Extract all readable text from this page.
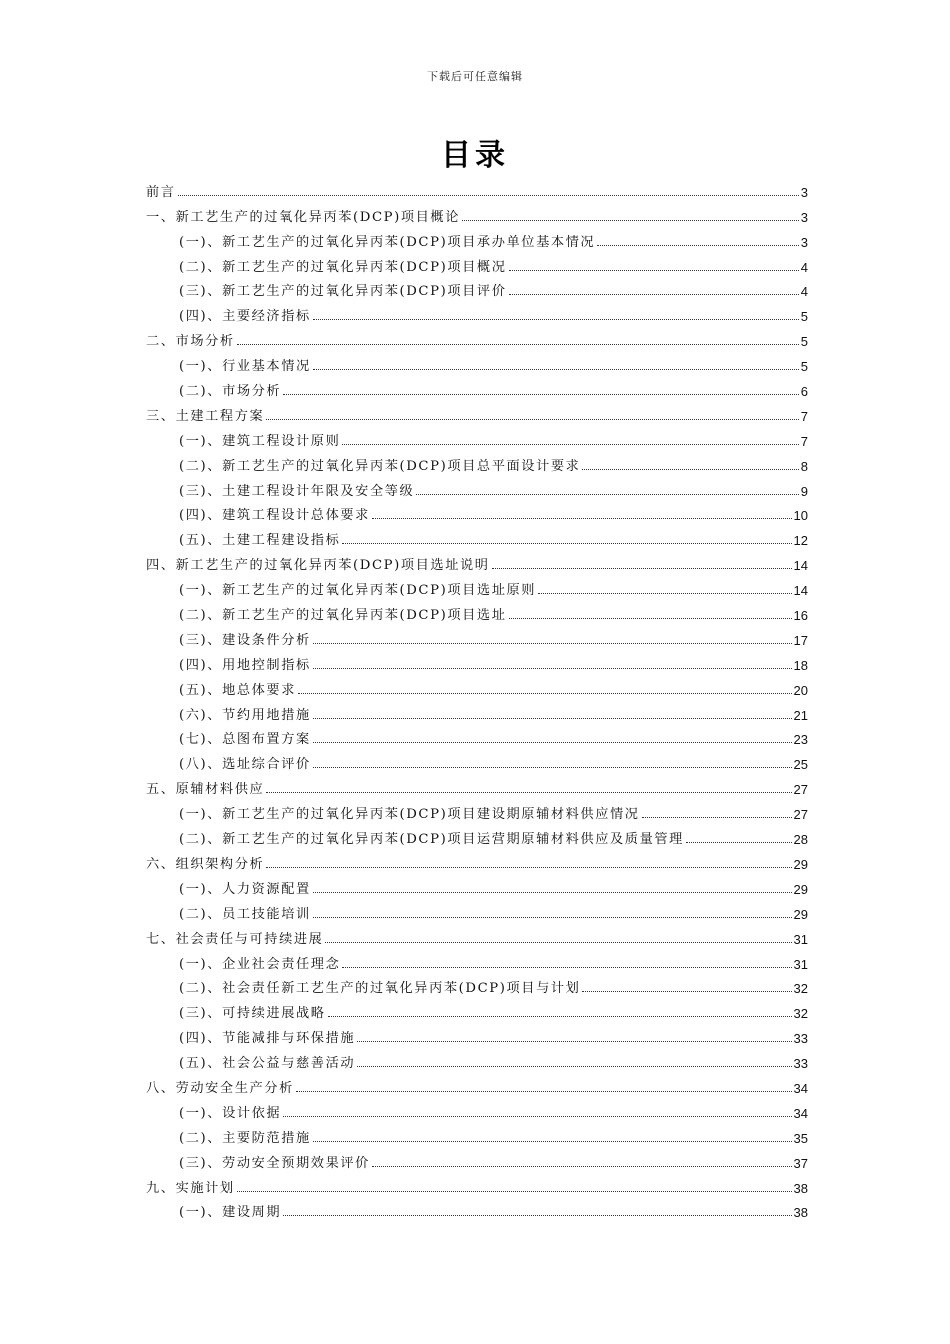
下载后可任意编辑
目录
前言	3
一、新工艺生产的过氧化异丙苯(DCP)项目概论	3
(一)、新工艺生产的过氧化异丙苯(DCP)项目承办单位基本情况	3
(二)、新工艺生产的过氧化异丙苯(DCP)项目概况	4
(三)、新工艺生产的过氧化异丙苯(DCP)项目评价	4
(四)、主要经济指标	5
二、市场分析	5
(一)、行业基本情况	5
(二)、市场分析	6
三、土建工程方案	7
(一)、建筑工程设计原则	7
(二)、新工艺生产的过氧化异丙苯(DCP)项目总平面设计要求	8
(三)、土建工程设计年限及安全等级	9
(四)、建筑工程设计总体要求	10
(五)、土建工程建设指标	12
四、新工艺生产的过氧化异丙苯(DCP)项目选址说明	14
(一)、新工艺生产的过氧化异丙苯(DCP)项目选址原则	14
(二)、新工艺生产的过氧化异丙苯(DCP)项目选址	16
(三)、建设条件分析	17
(四)、用地控制指标	18
(五)、地总体要求	20
(六)、节约用地措施	21
(七)、总图布置方案	23
(八)、选址综合评价	25
五、原辅材料供应	27
(一)、新工艺生产的过氧化异丙苯(DCP)项目建设期原辅材料供应情况	27
(二)、新工艺生产的过氧化异丙苯(DCP)项目运营期原辅材料供应及质量管理	28
六、组织架构分析	29
(一)、人力资源配置	29
(二)、员工技能培训	29
七、社会责任与可持续进展	31
(一)、企业社会责任理念	31
(二)、社会责任新工艺生产的过氧化异丙苯(DCP)项目与计划	32
(三)、可持续进展战略	32
(四)、节能减排与环保措施	33
(五)、社会公益与慈善活动	33
八、劳动安全生产分析	34
(一)、设计依据	34
(二)、主要防范措施	35
(三)、劳动安全预期效果评价	37
九、实施计划	38
(一)、建设周期	38
